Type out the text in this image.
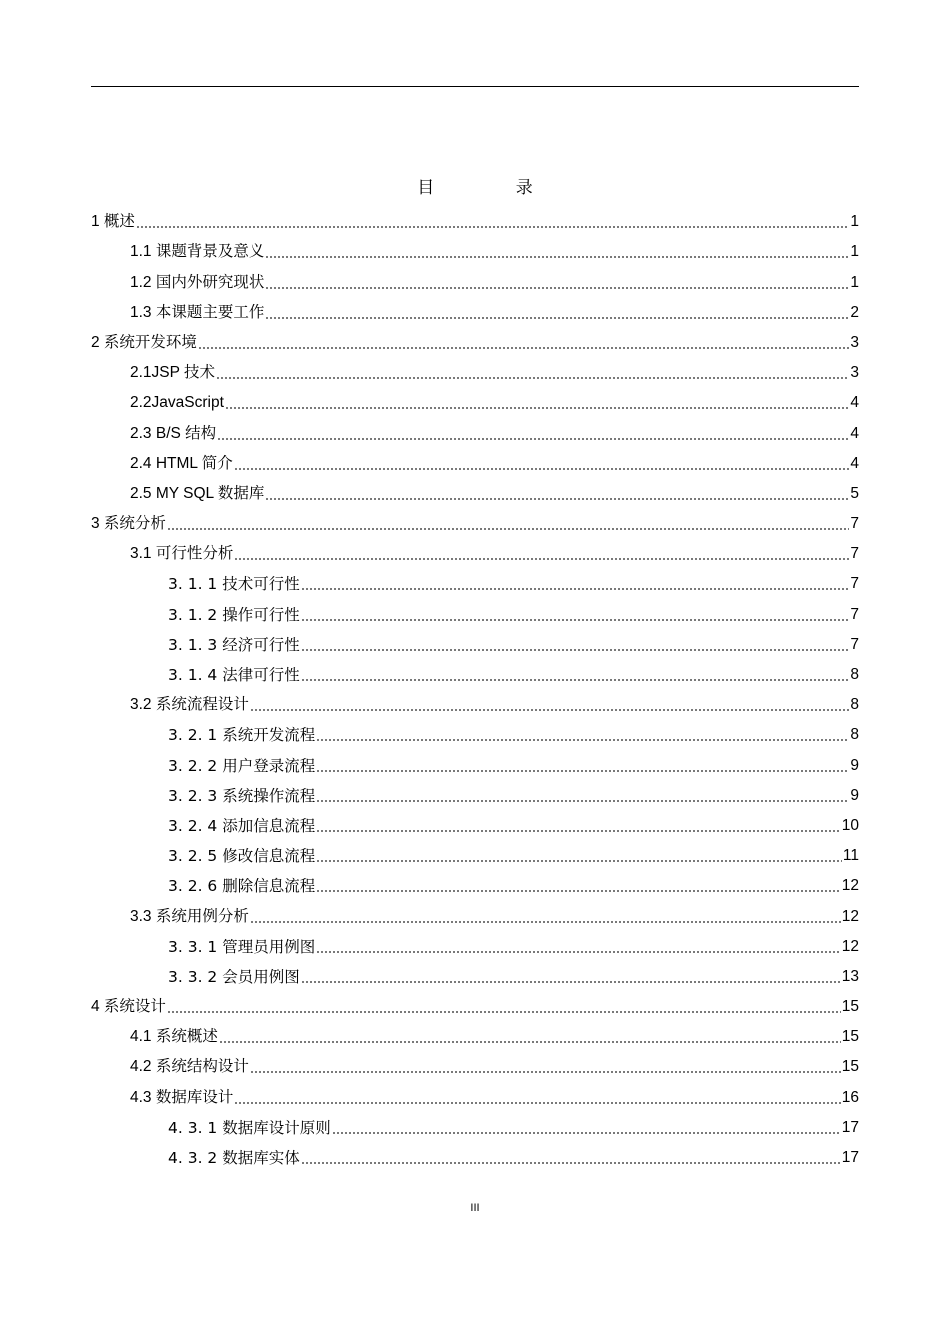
目 录
1 概述	1
1.1 课题背景及意义	1
1.2 国内外研究现状	1
1.3 本课题主要工作	2
2 系统开发环境	3
2.1JSP 技术	3
2.2JavaScript	4
2.3 B/S 结构	4
2.4 HTML 简介	4
2.5 MY SQL 数据库	5
3 系统分析	7
3.1 可行性分析	7
3. 1. 1 技术可行性	7
3. 1. 2 操作可行性	7
3. 1. 3 经济可行性	7
3. 1. 4 法律可行性	8
3.2 系统流程设计	8
3. 2. 1 系统开发流程	8
3. 2. 2 用户登录流程	9
3. 2. 3 系统操作流程	9
3. 2. 4 添加信息流程	10
3. 2. 5 修改信息流程	11
3. 2. 6 删除信息流程	12
3.3 系统用例分析	12
3. 3. 1 管理员用例图	12
3. 3. 2 会员用例图	13
4 系统设计	15
4.1 系统概述	15
4.2 系统结构设计	15
4.3 数据库设计	16
4. 3. 1 数据库设计原则	17
4. 3. 2 数据库实体	17
III
